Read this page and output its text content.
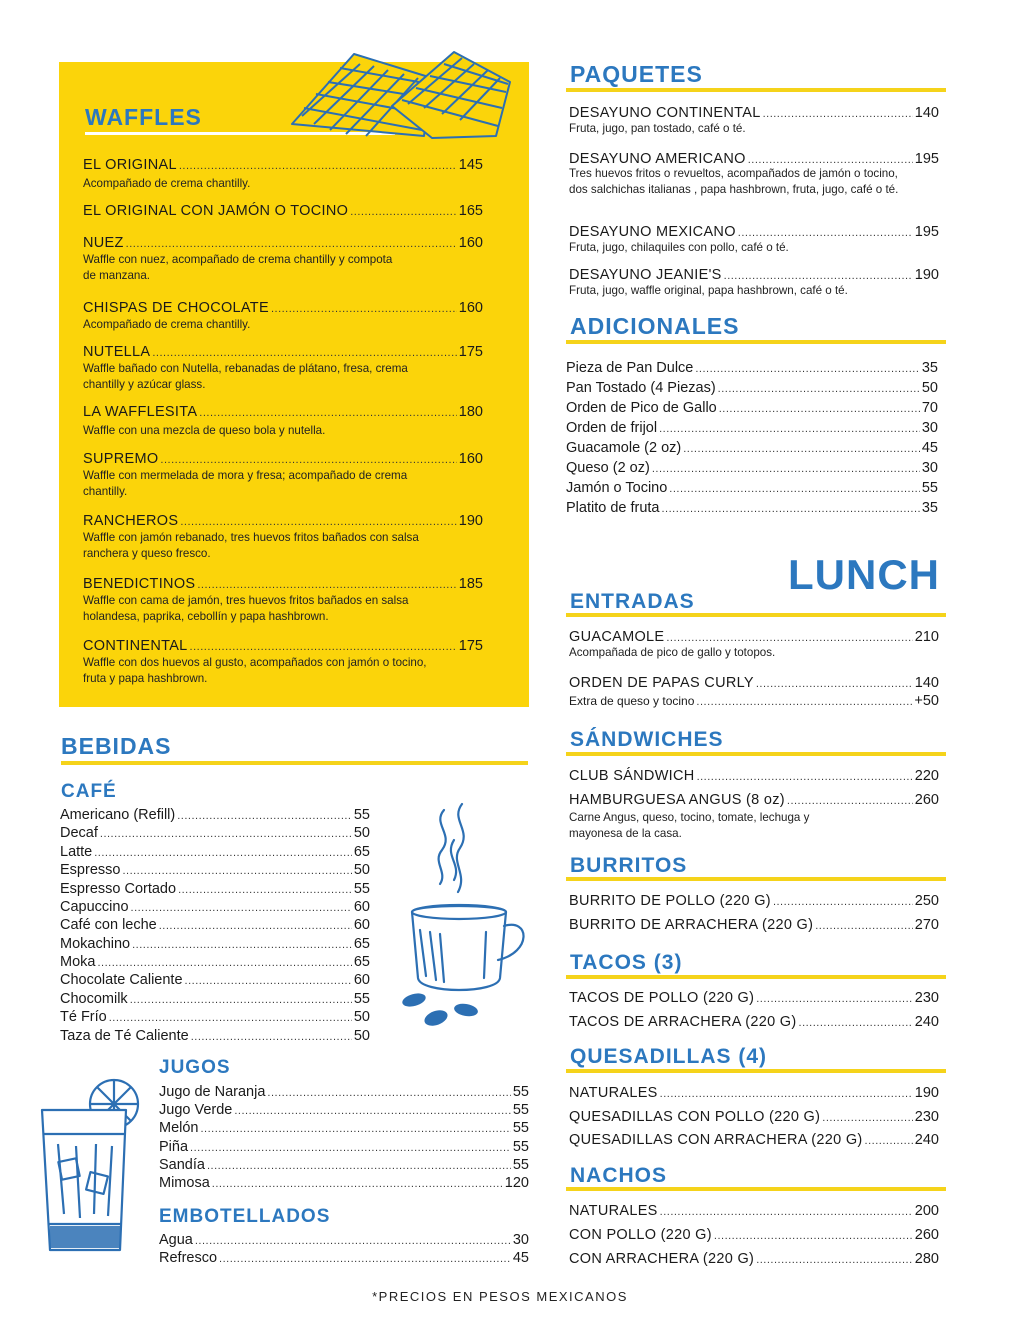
WAFFLES
EL ORIGINAL .....	145
Acompañado de crema chantilly.
EL ORIGINAL CON JAMÓN O TOCINO .....	165
NUEZ .....	160
Waffle con nuez, acompañado de crema chantilly y compota de manzana.
CHISPAS DE CHOCOLATE .....	160
Acompañado de crema chantilly.
NUTELLA .....	175
Waffle bañado con Nutella, rebanadas de plátano, fresa, crema chantilly y azúcar glass.
LA WAFFLESITA .....	180
Waffle con una mezcla de queso bola y nutella.
SUPREMO .....	160
Waffle con mermelada de mora y fresa; acompañado de crema chantilly.
RANCHEROS .....	190
Waffle con jamón rebanado, tres huevos fritos bañados con salsa ranchera y queso fresco.
BENEDICTINOS .....	185
Waffle con cama de jamón, tres huevos fritos bañados en salsa holandesa, paprika, cebollín y papa hashbrown.
CONTINENTAL .....	175
Waffle con dos huevos al gusto, acompañados con jamón o tocino, fruta y papa hashbrown.
BEBIDAS
CAFÉ
Americano (Refill) .....	55
Decaf .....	50
Latte .....	65
Espresso .....	50
Espresso Cortado .....	55
Capuccino .....	60
Café con leche .....	60
Mokachino .....	65
Moka .....	65
Chocolate Caliente .....	60
Chocomilk .....	55
Té Frío .....	50
Taza de Té Caliente .....	50
JUGOS
Jugo de Naranja .....	55
Jugo Verde .....	55
Melón .....	55
Piña .....	55
Sandía .....	55
Mimosa .....	120
EMBOTELLADOS
Agua .....	30
Refresco .....	45
PAQUETES
DESAYUNO CONTINENTAL .....	140
Fruta, jugo, pan tostado, café o té.
DESAYUNO AMERICANO .....	195
Tres huevos fritos o revueltos, acompañados de jamón o tocino, dos salchichas italianas , papa hashbrown, fruta, jugo, café o té.
DESAYUNO MEXICANO .....	195
Fruta, jugo, chilaquiles con pollo, café o té.
DESAYUNO JEANIE'S .....	190
Fruta, jugo, waffle original, papa hashbrown, café o té.
ADICIONALES
Pieza de Pan Dulce .....	35
Pan Tostado (4 Piezas) .....	50
Orden de Pico de Gallo .....	70
Orden de frijol .....	30
Guacamole (2 oz) .....	45
Queso (2 oz) .....	30
Jamón o Tocino .....	55
Platito de fruta .....	35
LUNCH
ENTRADAS
GUACAMOLE .....	210
Acompañada de pico de gallo y totopos.
ORDEN DE PAPAS CURLY .....	140
Extra de queso y tocino .....	+50
SÁNDWICHES
CLUB SÁNDWICH .....	220
HAMBURGUESA ANGUS (8 oz) .....	260
Carne Angus, queso, tocino, tomate, lechuga y mayonesa de la casa.
BURRITOS
BURRITO DE POLLO (220 G) .....	250
BURRITO DE ARRACHERA (220 G) .....	270
TACOS (3)
TACOS DE POLLO (220 G) .....	230
TACOS DE ARRACHERA (220 G) .....	240
QUESADILLAS (4)
NATURALES .....	190
QUESADILLAS CON POLLO (220 G) .....	230
QUESADILLAS CON ARRACHERA (220 G) .....	240
NACHOS
NATURALES .....	200
CON POLLO (220 G) .....	260
CON ARRACHERA (220 G) .....	280
*PRECIOS EN PESOS MEXICANOS
